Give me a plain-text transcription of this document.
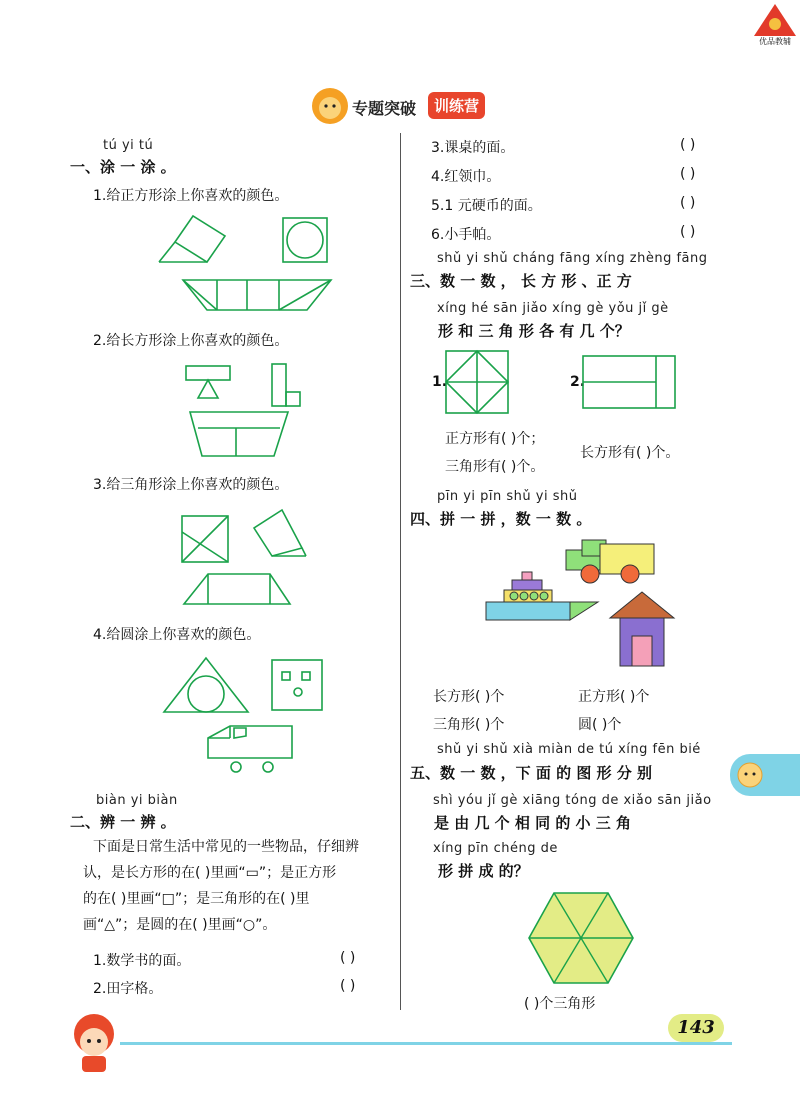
优品教辅
专题突破	训练营
tú yi tú
一、涂 一 涂 。
1.给正方形涂上你喜欢的颜色。
2.给长方形涂上你喜欢的颜色。
3.给三角形涂上你喜欢的颜色。
4.给圆涂上你喜欢的颜色。
biàn yi biàn
二、辨 一 辨 。
下面是日常生活中常见的一些物品，仔细辨
认，是长方形的在( )里画“▭”；是正方形
的在( )里画“□”；是三角形的在( )里
画“△”；是圆的在( )里画“○”。
1.数学书的面。	( )
2.田字格。	( )
3.课桌的面。	( )
4.红领巾。	( )
5.1 元硬币的面。	( )
6.小手帕。	( )
shǔ yi shǔ cháng fāng xíng zhèng fāng
三、数 一 数 ， 长 方 形 、正 方
xíng hé sān jiǎo xíng gè yǒu jǐ gè
形 和 三 角 形 各 有 几 个？
1.	2.
正方形有( )个；
三角形有( )个。
长方形有( )个。
pīn yi pīn shǔ yi shǔ
四、拼 一 拼 ，数 一 数 。
长方形( )个	正方形( )个
三角形( )个	圆( )个
shǔ yi shǔ xià miàn de tú xíng fēn bié
五、数 一 数 ，下 面 的 图 形 分 别
shì yóu jǐ gè xiāng tóng de xiǎo sān jiǎo
是 由 几 个 相 同 的 小 三 角
xíng pīn chéng de
形 拼 成 的？
( )个三角形
143
